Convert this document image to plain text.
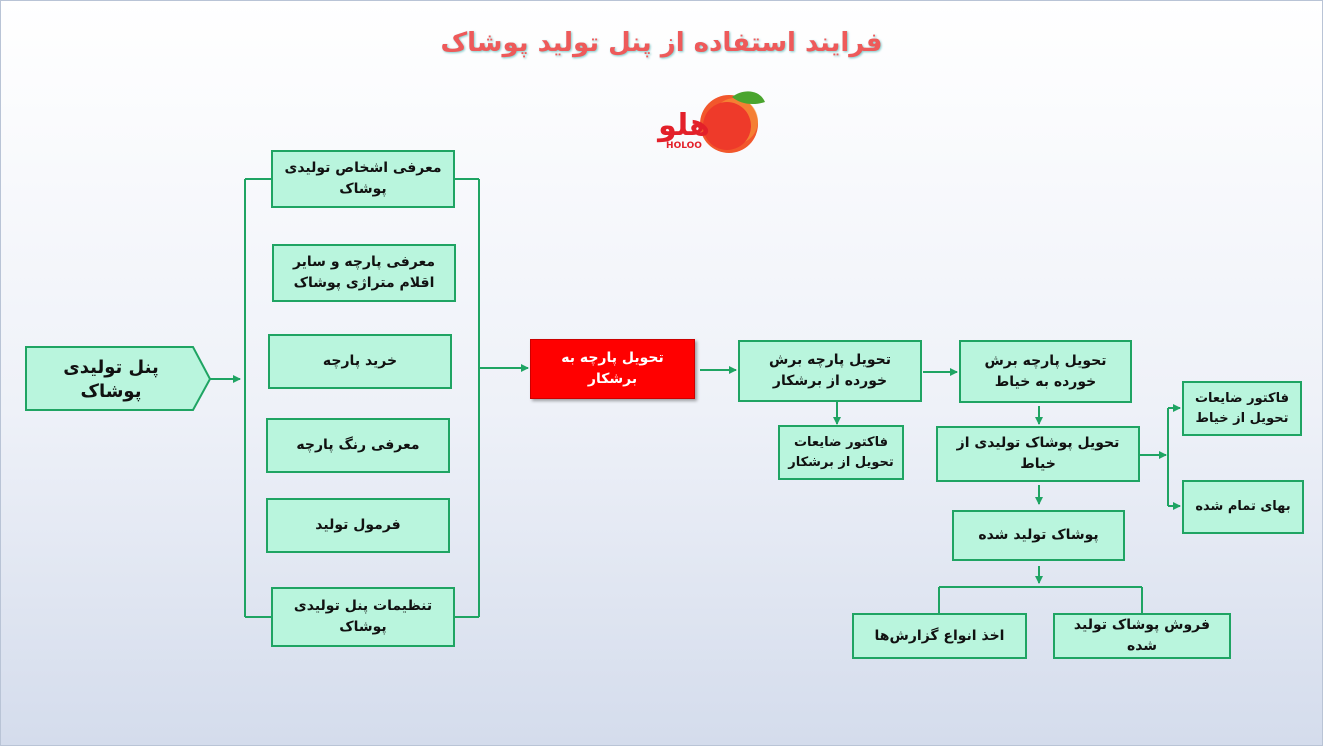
فرایند استفاده از پنل تولید پوشاک
هلو
HOLOO
پنل تولیدی پوشاک
معرفی اشخاص تولیدی پوشاک
معرفی پارچه و سایر اقلام متراژی پوشاک
خرید پارچه
معرفی رنگ پارچه
فرمول تولید
تنظیمات پنل تولیدی پوشاک
تحویل پارچه به برشکار
تحویل پارچه برش خورده از برشکار
فاکتور ضایعات تحویل از برشکار
تحویل پارچه برش خورده به خیاط
تحویل پوشاک تولیدی از خیاط
فاکتور ضایعات تحویل از خیاط
بهای تمام شده
پوشاک تولید شده
اخذ انواع گزارش‌ها
فروش پوشاک تولید شده
